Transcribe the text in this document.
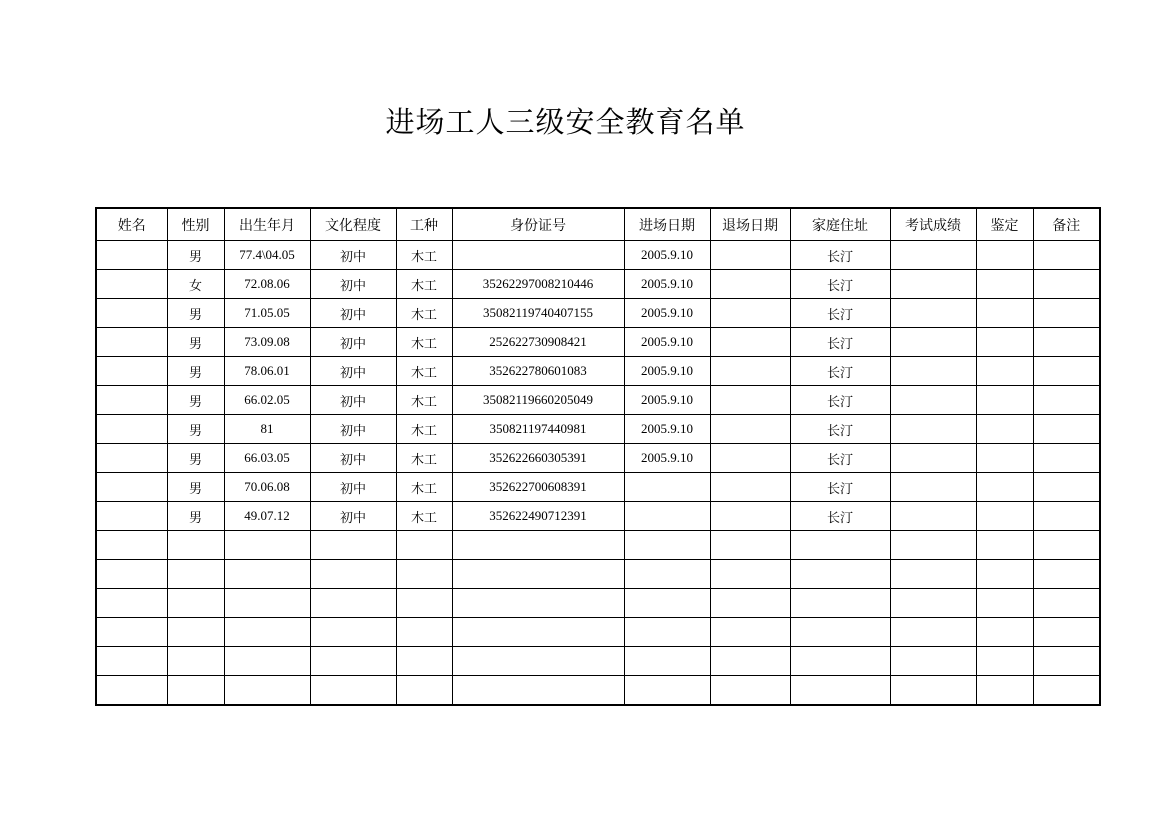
进场工人三级安全教育名单
姓名	性别	出生年月	文化程度	工种	身份证号	进场日期	退场日期	家庭住址	考试成绩	鉴定	备注
	男	77.4\04.05	初中	木工		2005.9.10		长汀			
	女	72.08.06	初中	木工	35262297008210446	2005.9.10		长汀			
	男	71.05.05	初中	木工	35082119740407155	2005.9.10		长汀			
	男	73.09.08	初中	木工	252622730908421	2005.9.10		长汀			
	男	78.06.01	初中	木工	352622780601083	2005.9.10		长汀			
	男	66.02.05	初中	木工	35082119660205049	2005.9.10		长汀			
	男	81	初中	木工	350821197440981	2005.9.10		长汀			
	男	66.03.05	初中	木工	352622660305391	2005.9.10		长汀			
	男	70.06.08	初中	木工	352622700608391			长汀			
	男	49.07.12	初中	木工	352622490712391			长汀			
